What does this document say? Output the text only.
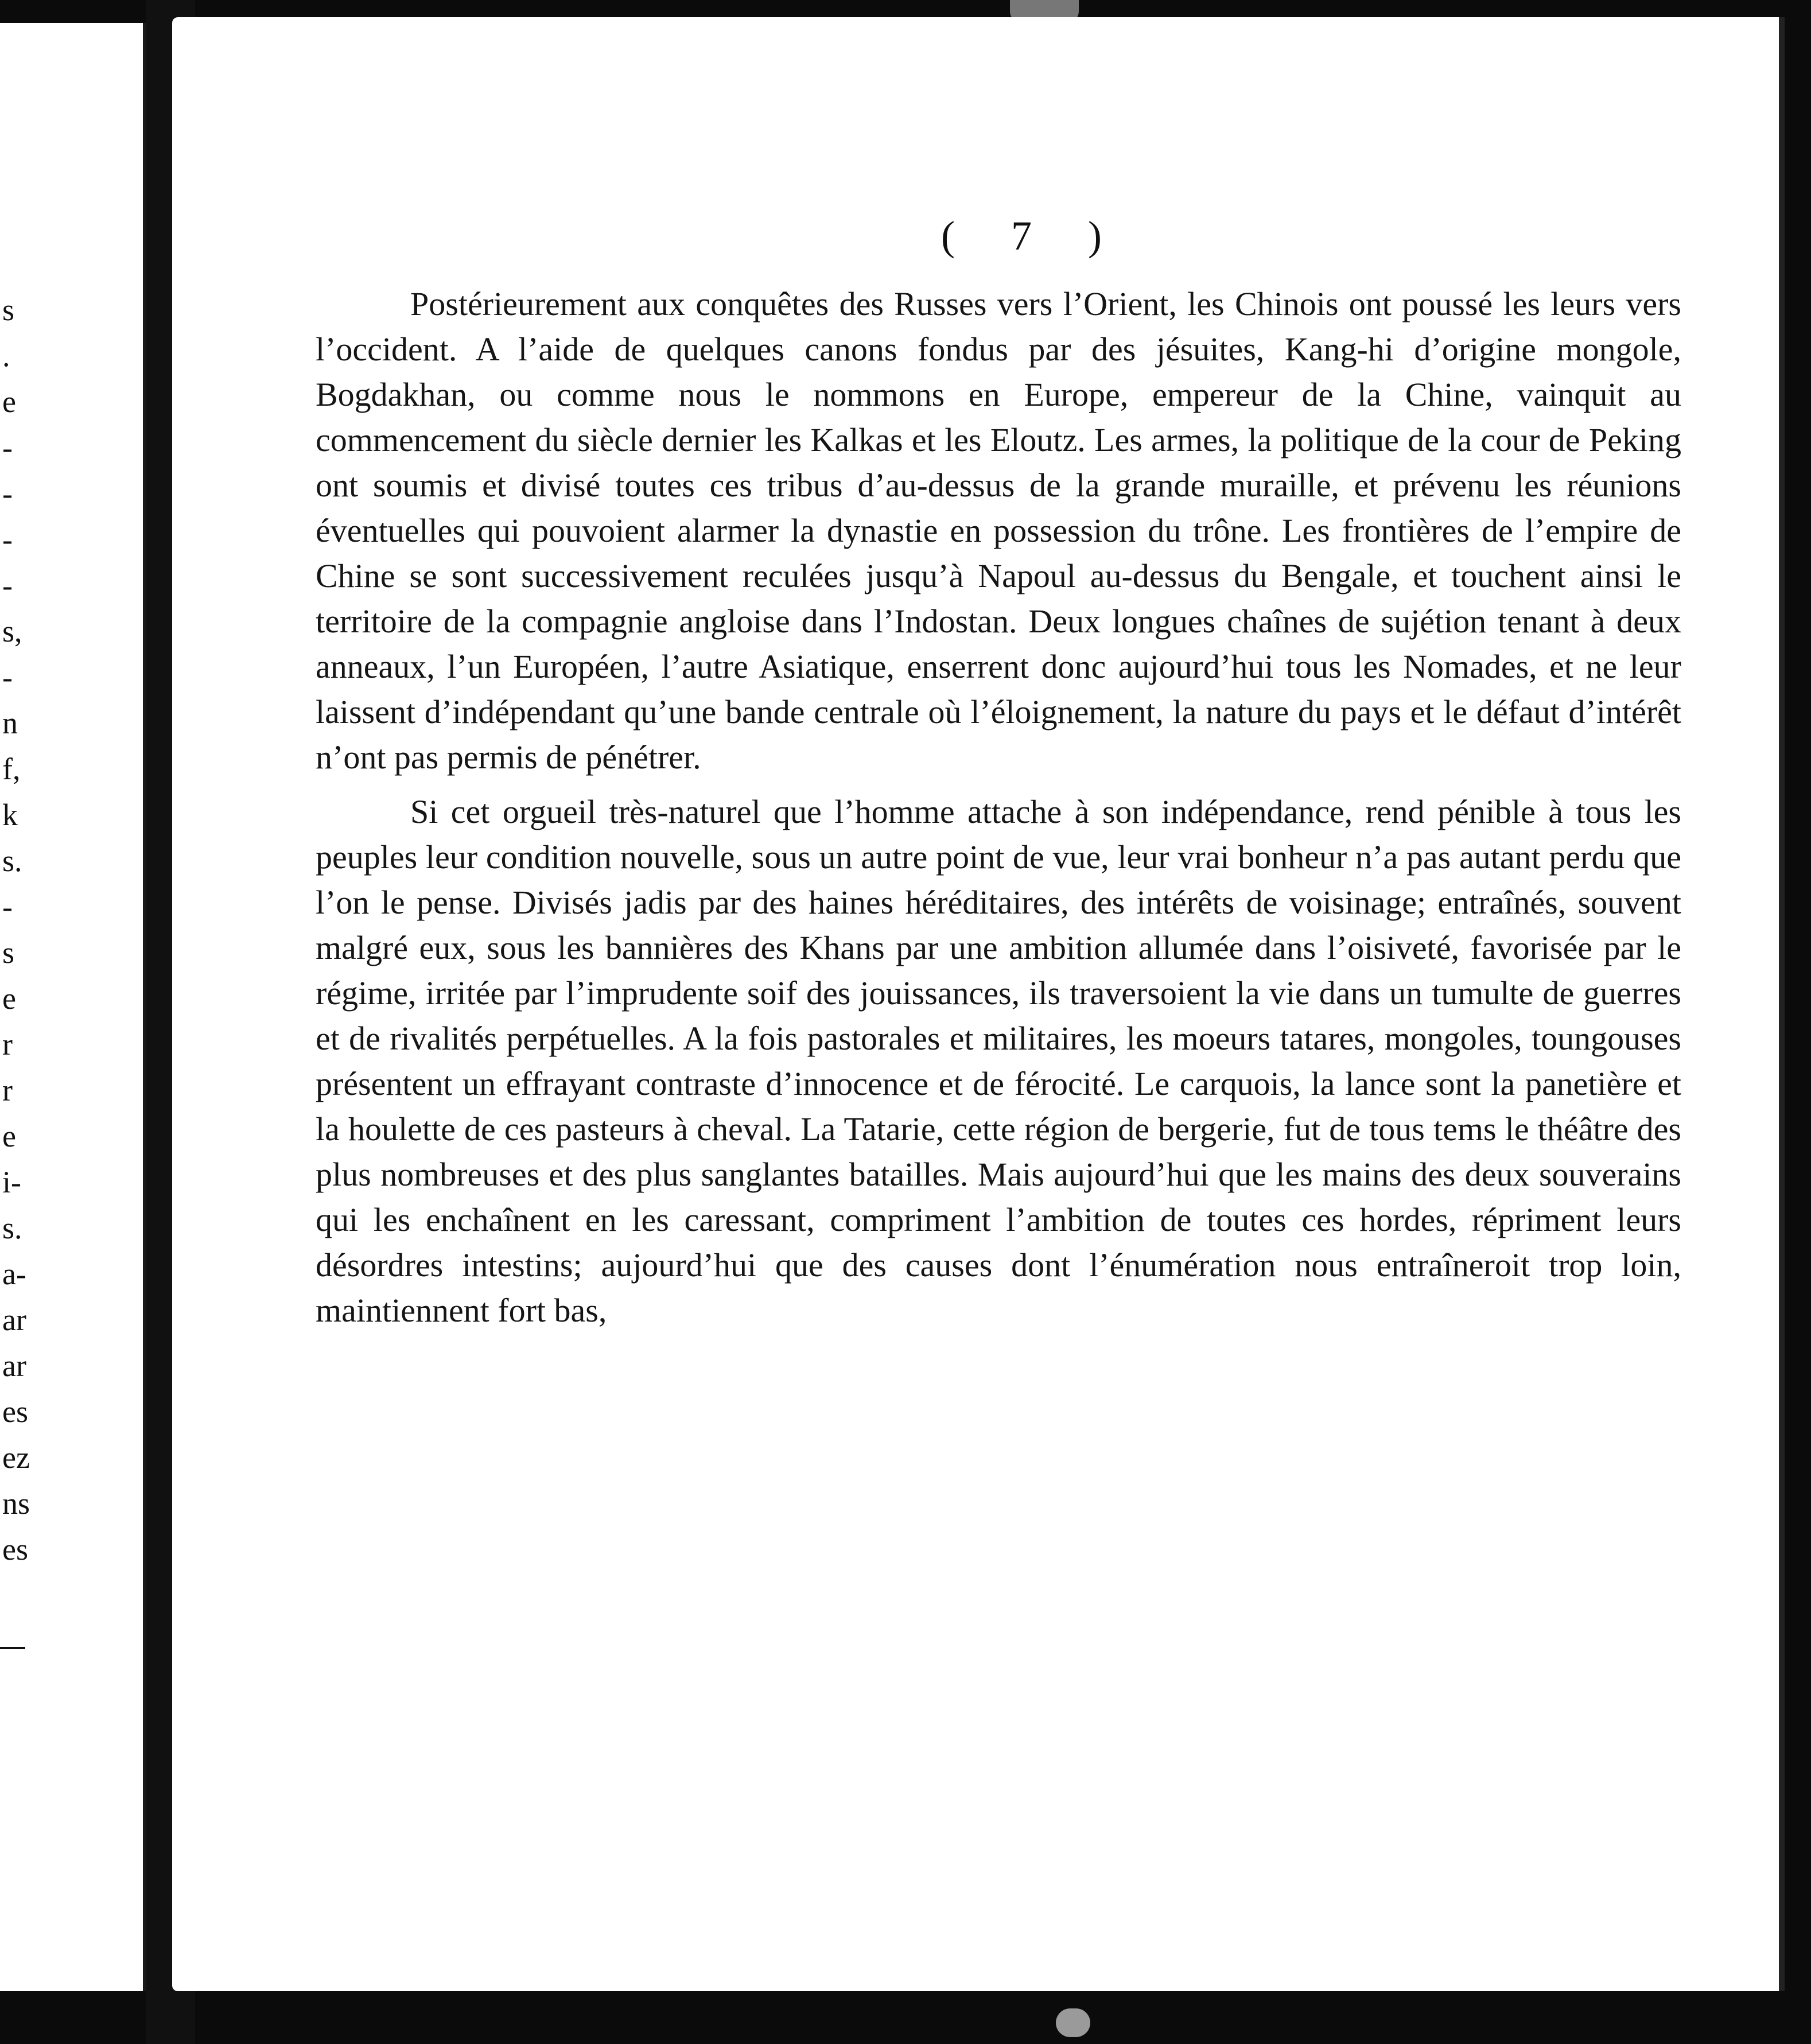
s
.
e
-
-
-
-
s,
-
n
f,
k
s.
-
s
e
r
r
e
i-
s.
a-
ar
ar
es
ez
ns
es
( 7 )

Postérieurement aux conquêtes des Russes vers l’Orient, les Chinois ont poussé les leurs vers l’occident. A l’aide de quelques canons fondus par des jésuites, Kang-hi d’origine mongole, Bogdakhan, ou comme nous le nommons en Europe, empereur de la Chine, vainquit au commencement du siècle dernier les Kalkas et les Eloutz. Les armes, la politique de la cour de Peking ont soumis et divisé toutes ces tribus d’au-dessus de la grande muraille, et prévenu les réunions éventuelles qui pouvoient alarmer la dynastie en possession du trône. Les frontières de l’empire de Chine se sont successivement reculées jusqu’à Napoul au-dessus du Bengale, et touchent ainsi le territoire de la compagnie angloise dans l’Indostan. Deux longues chaînes de sujétion tenant à deux anneaux, l’un Européen, l’autre Asiatique, enserrent donc aujourd’hui tous les Nomades, et ne leur laissent d’indépendant qu’une bande centrale où l’éloignement, la nature du pays et le défaut d’intérêt n’ont pas permis de pénétrer.

Si cet orgueil très-naturel que l’homme attache à son indépendance, rend pénible à tous les peuples leur condition nouvelle, sous un autre point de vue, leur vrai bonheur n’a pas autant perdu que l’on le pense. Divisés jadis par des haines héréditaires, des intérêts de voisinage; entraînés, souvent malgré eux, sous les bannières des Khans par une ambition allumée dans l’oisiveté, favorisée par le régime, irritée par l’imprudente soif des jouissances, ils traversoient la vie dans un tumulte de guerres et de rivalités perpétuelles. A la fois pastorales et militaires, les moeurs tatares, mongoles, toungouses présentent un effrayant contraste d’innocence et de férocité. Le carquois, la lance sont la panetière et la houlette de ces pasteurs à cheval. La Tatarie, cette région de bergerie, fut de tous tems le théâtre des plus nombreuses et des plus sanglantes batailles. Mais aujourd’hui que les mains des deux souverains qui les enchaînent en les caressant, compriment l’ambition de toutes ces hordes, répriment leurs désordres intestins; aujourd’hui que des causes dont l’énumération nous entraîneroit trop loin, maintiennent fort bas,
